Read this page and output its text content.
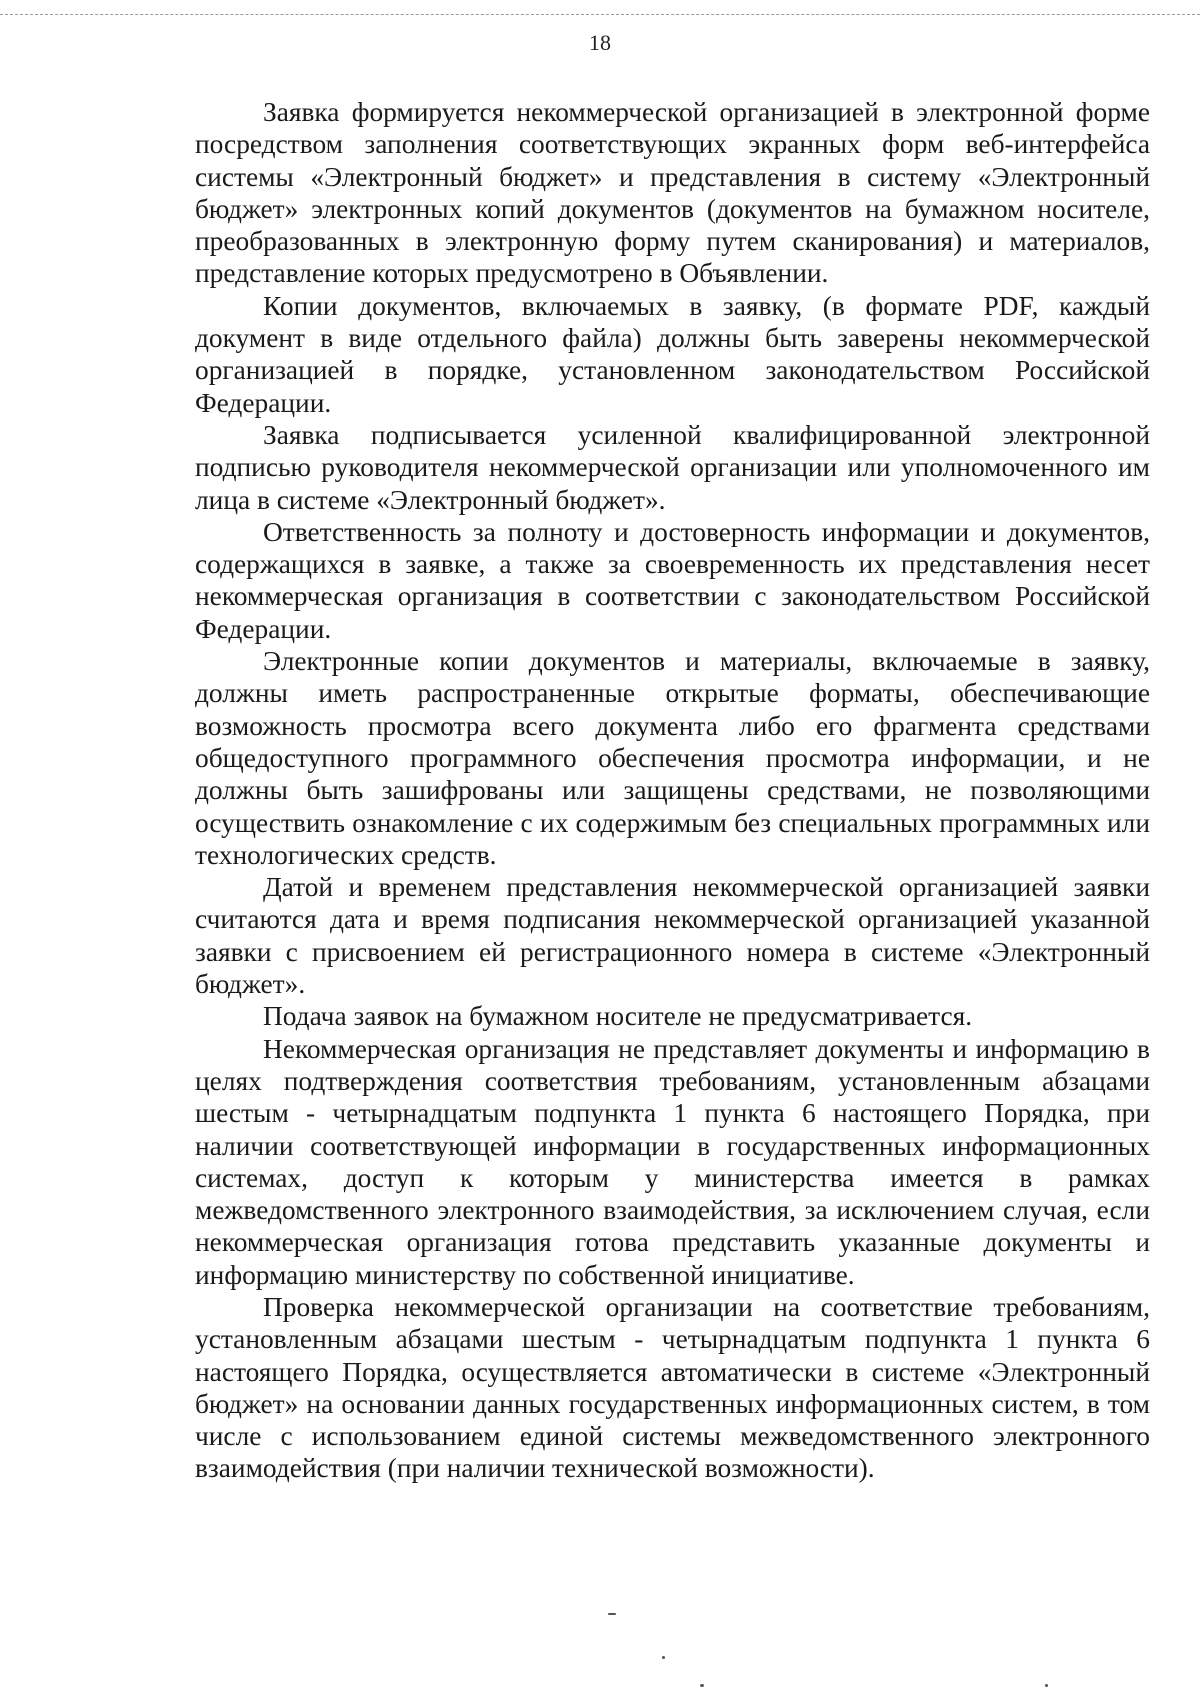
18

Заявка формируется некоммерческой организацией в электронной форме посредством заполнения соответствующих экранных форм веб-интерфейса системы «Электронный бюджет» и представления в систему «Электронный бюджет» электронных копий документов (документов на бумажном носителе, преобразованных в электронную форму путем сканирования) и материалов, представление которых предусмотрено в Объявлении.

Копии документов, включаемых в заявку, (в формате PDF, каждый документ в виде отдельного файла) должны быть заверены некоммерческой организацией в порядке, установленном законодательством Российской Федерации.

Заявка подписывается усиленной квалифицированной электронной подписью руководителя некоммерческой организации или уполномоченного им лица в системе «Электронный бюджет».

Ответственность за полноту и достоверность информации и документов, содержащихся в заявке, а также за своевременность их представления несет некоммерческая организация в соответствии с законодательством Российской Федерации.

Электронные копии документов и материалы, включаемые в заявку, должны иметь распространенные открытые форматы, обеспечивающие возможность просмотра всего документа либо его фрагмента средствами общедоступного программного обеспечения просмотра информации, и не должны быть зашифрованы или защищены средствами, не позволяющими осуществить ознакомление с их содержимым без специальных программных или технологических средств.

Датой и временем представления некоммерческой организацией заявки считаются дата и время подписания некоммерческой организацией указанной заявки с присвоением ей регистрационного номера в системе «Электронный бюджет».

Подача заявок на бумажном носителе не предусматривается.

Некоммерческая организация не представляет документы и информацию в целях подтверждения соответствия требованиям, установленным абзацами шестым - четырнадцатым подпункта 1 пункта 6 настоящего Порядка, при наличии соответствующей информации в государственных информационных системах, доступ к которым у министерства имеется в рамках межведомственного электронного взаимодействия, за исключением случая, если некоммерческая организация готова представить указанные документы и информацию министерству по собственной инициативе.

Проверка некоммерческой организации на соответствие требованиям, установленным абзацами шестым - четырнадцатым подпункта 1 пункта 6 настоящего Порядка, осуществляется автоматически в системе «Электронный бюджет» на основании данных государственных информационных систем, в том числе с использованием единой системы межведомственного электронного взаимодействия (при наличии технической возможности).
